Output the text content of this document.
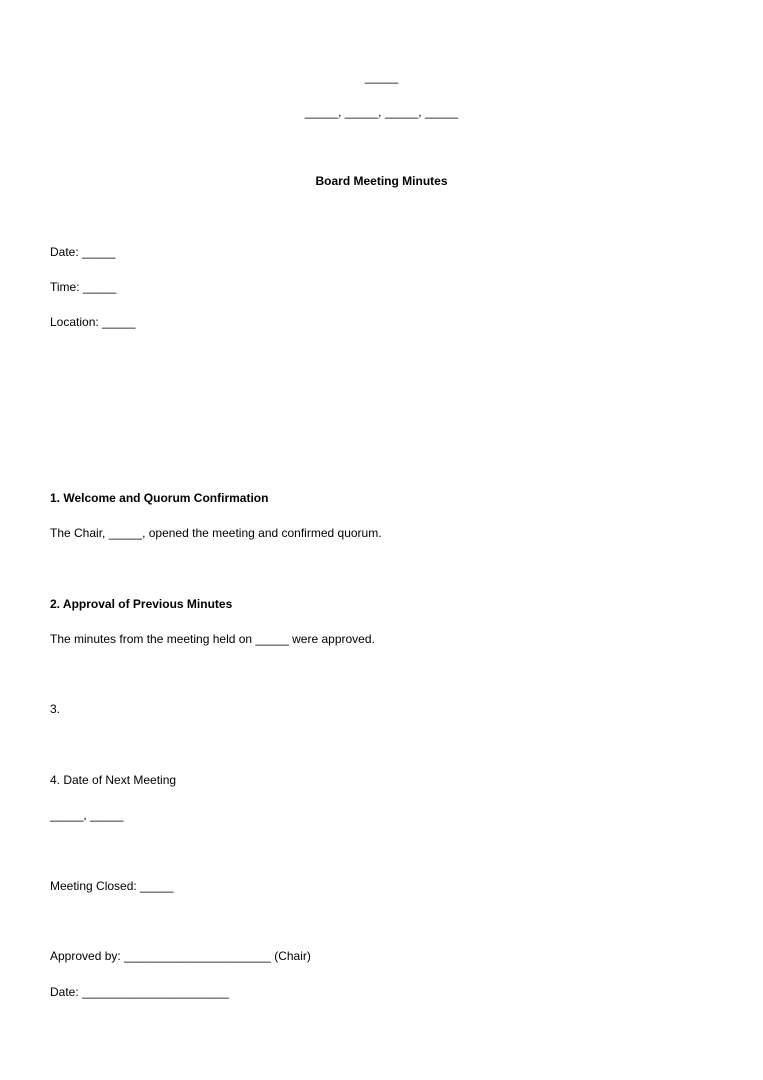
_____
_____, _____, _____, _____
Board Meeting Minutes
Date: _____
Time: _____
Location: _____
1. Welcome and Quorum Confirmation
The Chair, _____, opened the meeting and confirmed quorum.
2. Approval of Previous Minutes
The minutes from the meeting held on _____ were approved.
3.
4. Date of Next Meeting
_____, _____
Meeting Closed: _____
Approved by: ______________________ (Chair)
Date: ______________________
